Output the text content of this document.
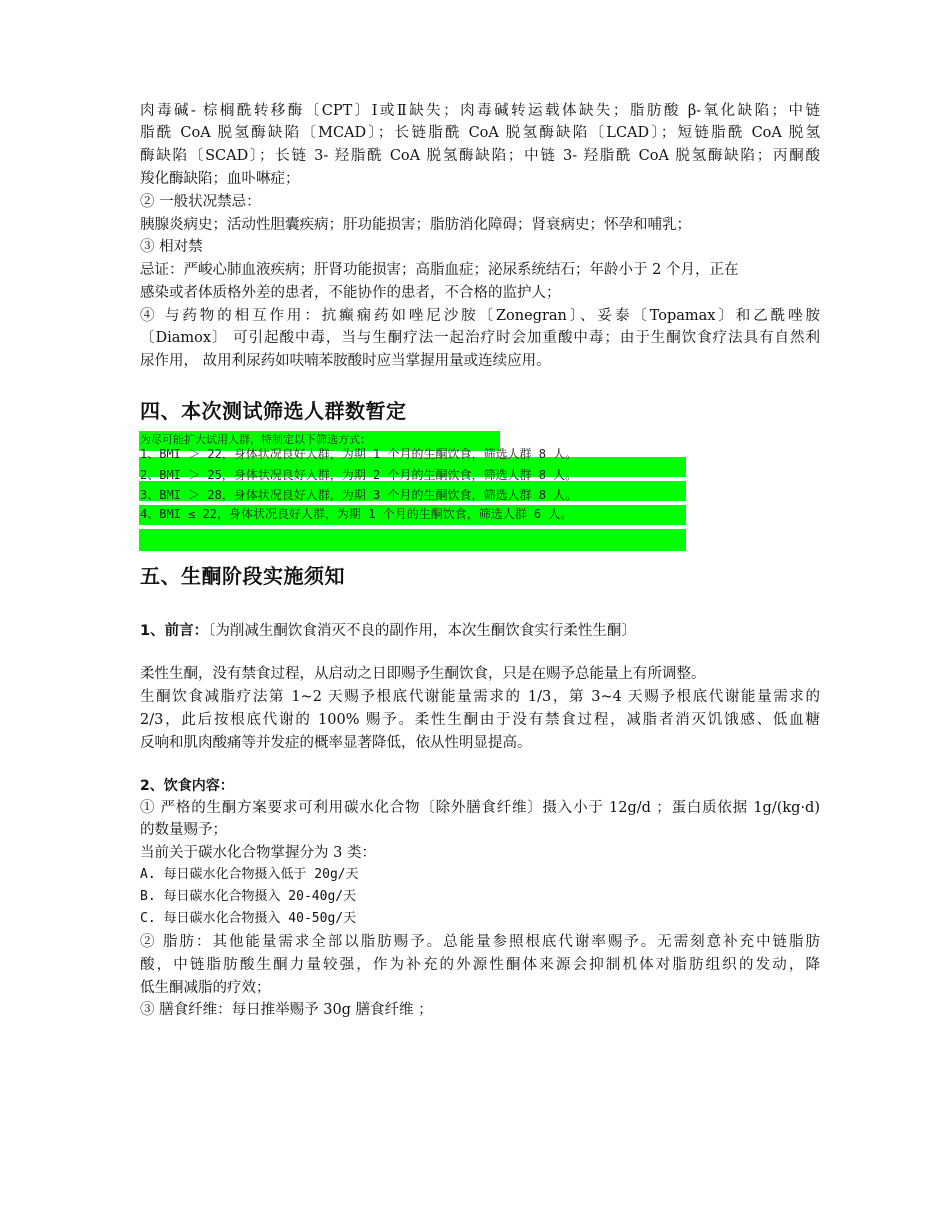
肉毒碱- 棕榈酰转移酶〔CPT〕Ⅰ或Ⅱ缺失；肉毒碱转运载体缺失；脂肪酸 β-氧化缺陷；中链
脂酰 CoA 脱氢酶缺陷〔MCAD〕；长链脂酰 CoA 脱氢酶缺陷〔LCAD〕；短链脂酰 CoA 脱氢
酶缺陷〔SCAD〕；长链 3- 羟脂酰 CoA 脱氢酶缺陷；中链 3- 羟脂酰 CoA 脱氢酶缺陷；丙酮酸
羧化酶缺陷；血卟啉症；
② 一般状况禁忌：
胰腺炎病史；活动性胆囊疾病；肝功能损害；脂肪消化障碍；肾衰病史；怀孕和哺乳；
③ 相对禁
忌证：严峻心肺血液疾病；肝肾功能损害；高脂血症；泌尿系统结石；年龄小于 2 个月，正在
感染或者体质格外差的患者，不能协作的患者，不合格的监护人；
④ 与药物的相互作用：抗癫痫药如唑尼沙胺〔Zonegran〕、妥泰〔Topamax〕和乙酰唑胺
〔Diamox〕 可引起酸中毒，当与生酮疗法一起治疗时会加重酸中毒；由于生酮饮食疗法具有自然利
尿作用， 故用利尿药如呋喃苯胺酸时应当掌握用量或连续应用。
四、本次测试筛选人群数暂定
为尽可能扩大试用人群，特制定以下筛选方式：
1、BMI ＞ 22，身体状况良好人群，为期 1 个月的生酮饮食，筛选人群 8 人。
2、BMI ＞ 25，身体状况良好人群，为期 2 个月的生酮饮食，筛选人群 8 人。
3、BMI ＞ 28，身体状况良好人群，为期 3 个月的生酮饮食，筛选人群 8 人。
4、BMI ≤ 22，身体状况良好人群，为期 1 个月的生酮饮食，筛选人群 6 人。
五、生酮阶段实施须知
1、前言：〔为削减生酮饮食消灭不良的副作用，本次生酮饮食实行柔性生酮〕
柔性生酮，没有禁食过程，从启动之日即赐予生酮饮食，只是在赐予总能量上有所调整。
生酮饮食减脂疗法第 1~2 天赐予根底代谢能量需求的 1/3，第 3~4 天赐予根底代谢能量需求的
2/3，此后按根底代谢的 100% 赐予。柔性生酮由于没有禁食过程，减脂者消灭饥饿感、低血糖
反响和肌肉酸痛等并发症的概率显著降低，依从性明显提高。
2、饮食内容：
① 严格的生酮方案要求可利用碳水化合物〔除外膳食纤维〕摄入小于 12g/d ；蛋白质依据 1g/(kg·d)
的数量赐予；
当前关于碳水化合物掌握分为 3 类：
A. 每日碳水化合物摄入低于 20g/天
B. 每日碳水化合物摄入 20-40g/天
C. 每日碳水化合物摄入 40-50g/天
② 脂肪：其他能量需求全部以脂肪赐予。总能量参照根底代谢率赐予。无需刻意补充中链脂肪
酸，中链脂肪酸生酮力量较强，作为补充的外源性酮体来源会抑制机体对脂肪组织的发动，降
低生酮减脂的疗效；
③ 膳食纤维：每日推举赐予 30g 膳食纤维 ；
